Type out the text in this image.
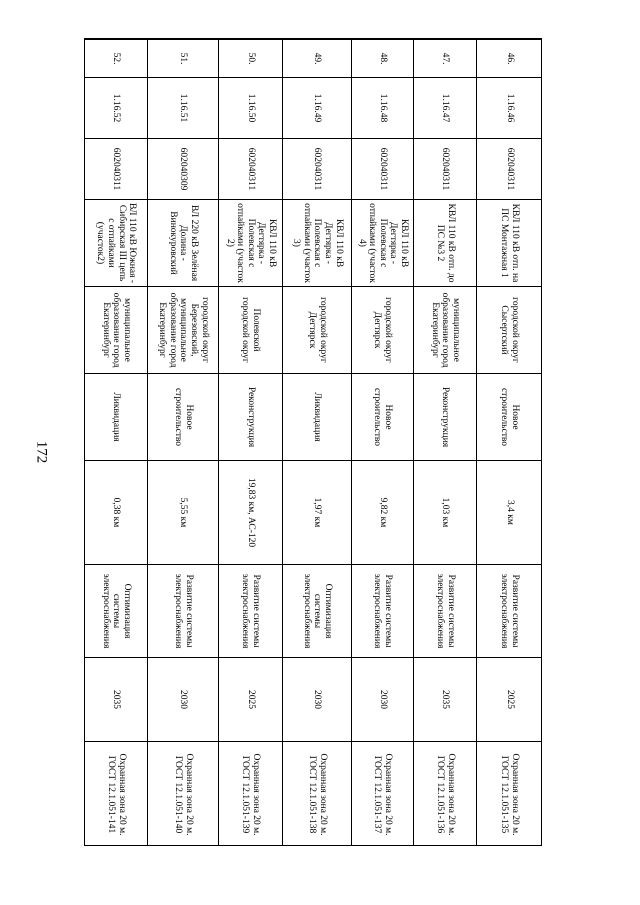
172
46.	1.16.46	602040311	КВЛ 110 кВ отп. на ПС Монтажная 1	городской округ Сысертский	Новое строительство	3,4 км	Развитие системы электроснабжения	2025	Охранная зона 20 м. ГОСТ 12.1.051-135
47.	1.16.47	602040311	КВЛ 110 кВ отп. до ПС №3 2	муниципальное образование город Екатеринбург	Реконструкция	1,03 км	Развитие системы электроснабжения	2035	Охранная зона 20 м. ГОСТ 12.1.051-136
48.	1.16.48	602040311	КВЛ 110 кВ Дегтярка - Полевская с отпайками (участок 4)	городской округ Дегтярск	Новое строительство	9,82 км	Развитие системы электроснабжения	2030	Охранная зона 20 м. ГОСТ 12.1.051-137
49.	1.16.49	602040311	КВЛ 110 кВ Дегтярка - Полевская с отпайками (участок 3)	городской округ Дегтярск	Ликвидация	1,97 км	Оптимизация системы электроснабжения	2030	Охранная зона 20 м. ГОСТ 12.1.051-138
50.	1.16.50	602040311	КВЛ 110 кВ Дегтярка - Полевская с отпайками (участок 2)	Полевской городской округ	Реконструкция	19,83 км, АС-120	Развитие системы электроснабжения	2025	Охранная зона 20 м. ГОСТ 12.1.051-139
51.	1.16.51	602040309	ВЛ 220 кВ Зелёная Долина - Винокуровский	городской округ Березовский, муниципальное образование город Екатеринбург	Новое строительство	5,55 км	Развитие системы электроснабжения	2030	Охранная зона 20 м. ГОСТ 12.1.051-140
52.	1.16.52	602040311	ВЛ 110 кВ Южная - Сибирская III цепь с отпайками (участок2)	муниципальное образование город Екатеринбург	Ликвидация	0,38 км	Оптимизация системы электроснабжения	2035	Охранная зона 20 м. ГОСТ 12.1.051-141
